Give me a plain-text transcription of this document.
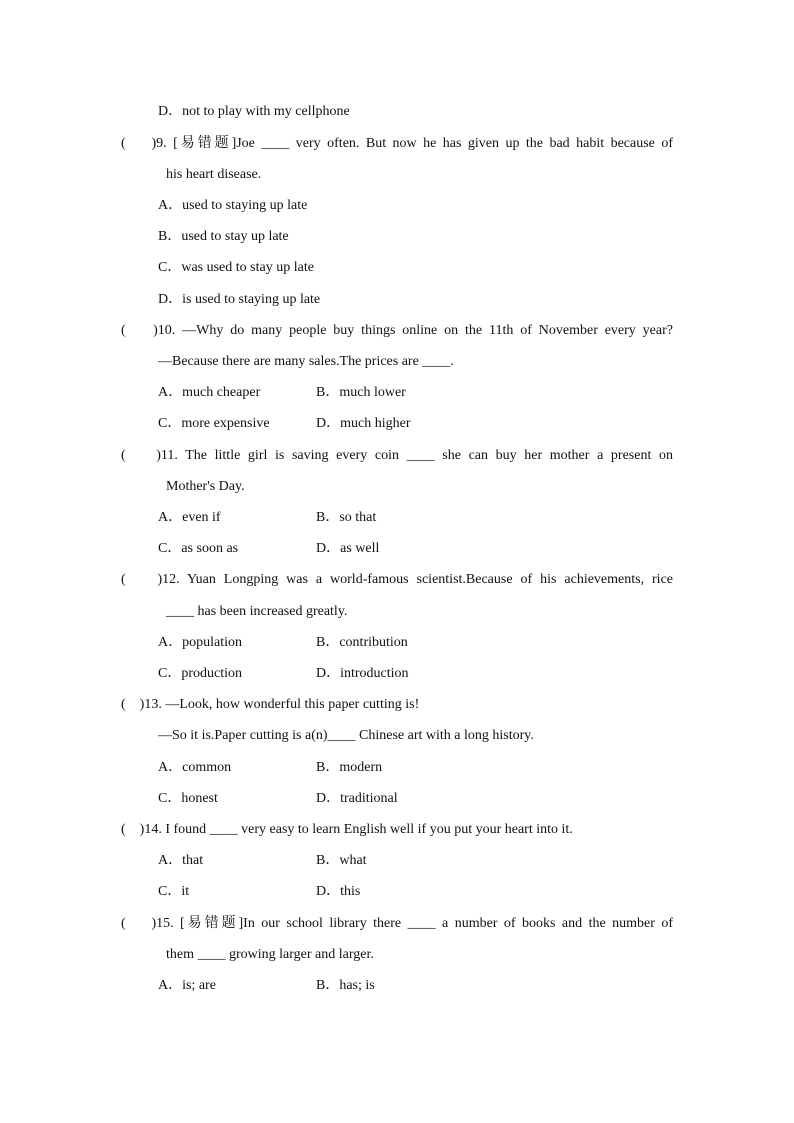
D．not to play with my cellphone
(    )9. [易错题]Joe ____ very often. But now he has given up the bad habit because of
his heart disease.
A．used to staying up late
B．used to stay up late
C．was used to stay up late
D．is used to staying up late
(    )10. —Why do many people buy things online on the 11th of November every year?
—Because there are many sales.The prices are ____.
A．much cheaper	B．much lower
C．more expensive	D．much higher
(    )11. The little girl is saving every coin ____ she can buy her mother a present on
Mother's Day.
A．even if	B．so that
C．as soon as	D．as well
(    )12. Yuan Longping was a world-famous scientist.Because of his achievements, rice
____ has been increased greatly.
A．population	B．contribution
C．production	D．introduction
(    )13. —Look, how wonderful this paper cutting is!
—So it is.Paper cutting is a(n)____ Chinese art with a long history.
A．common	B．modern
C．honest	D．traditional
(    )14. I found ____ very easy to learn English well if you put your heart into it.
A．that	B．what
C．it	D．this
(    )15. [易错题]In our school library there ____ a number of books and the number of
them ____ growing larger and larger.
A．is; are	B．has; is
